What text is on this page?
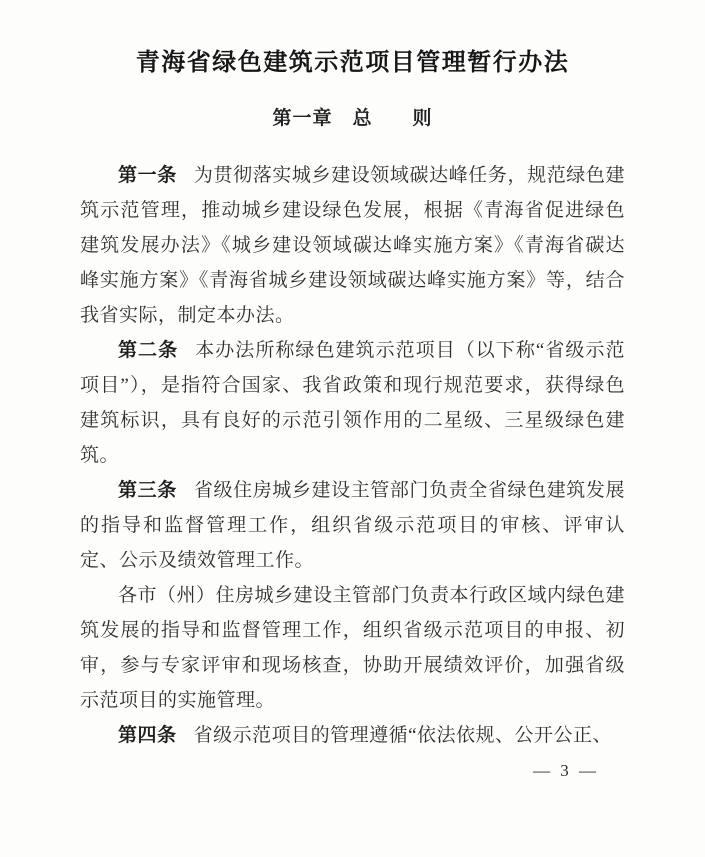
青海省绿色建筑示范项目管理暂行办法
第一章　总　　则

第一条 为贯彻落实城乡建设领域碳达峰任务，规范绿色建筑示范管理，推动城乡建设绿色发展，根据《青海省促进绿色建筑发展办法》《城乡建设领域碳达峰实施方案》《青海省碳达峰实施方案》《青海省城乡建设领域碳达峰实施方案》等，结合我省实际，制定本办法。

第二条 本办法所称绿色建筑示范项目（以下称“省级示范项目”），是指符合国家、我省政策和现行规范要求，获得绿色建筑标识，具有良好的示范引领作用的二星级、三星级绿色建筑。

第三条 省级住房城乡建设主管部门负责全省绿色建筑发展的指导和监督管理工作，组织省级示范项目的审核、评审认定、公示及绩效管理工作。

各市（州）住房城乡建设主管部门负责本行政区域内绿色建筑发展的指导和监督管理工作，组织省级示范项目的申报、初审，参与专家评审和现场核查，协助开展绩效评价，加强省级示范项目的实施管理。

第四条 省级示范项目的管理遵循“依法依规、公开公正、

— 3 —
